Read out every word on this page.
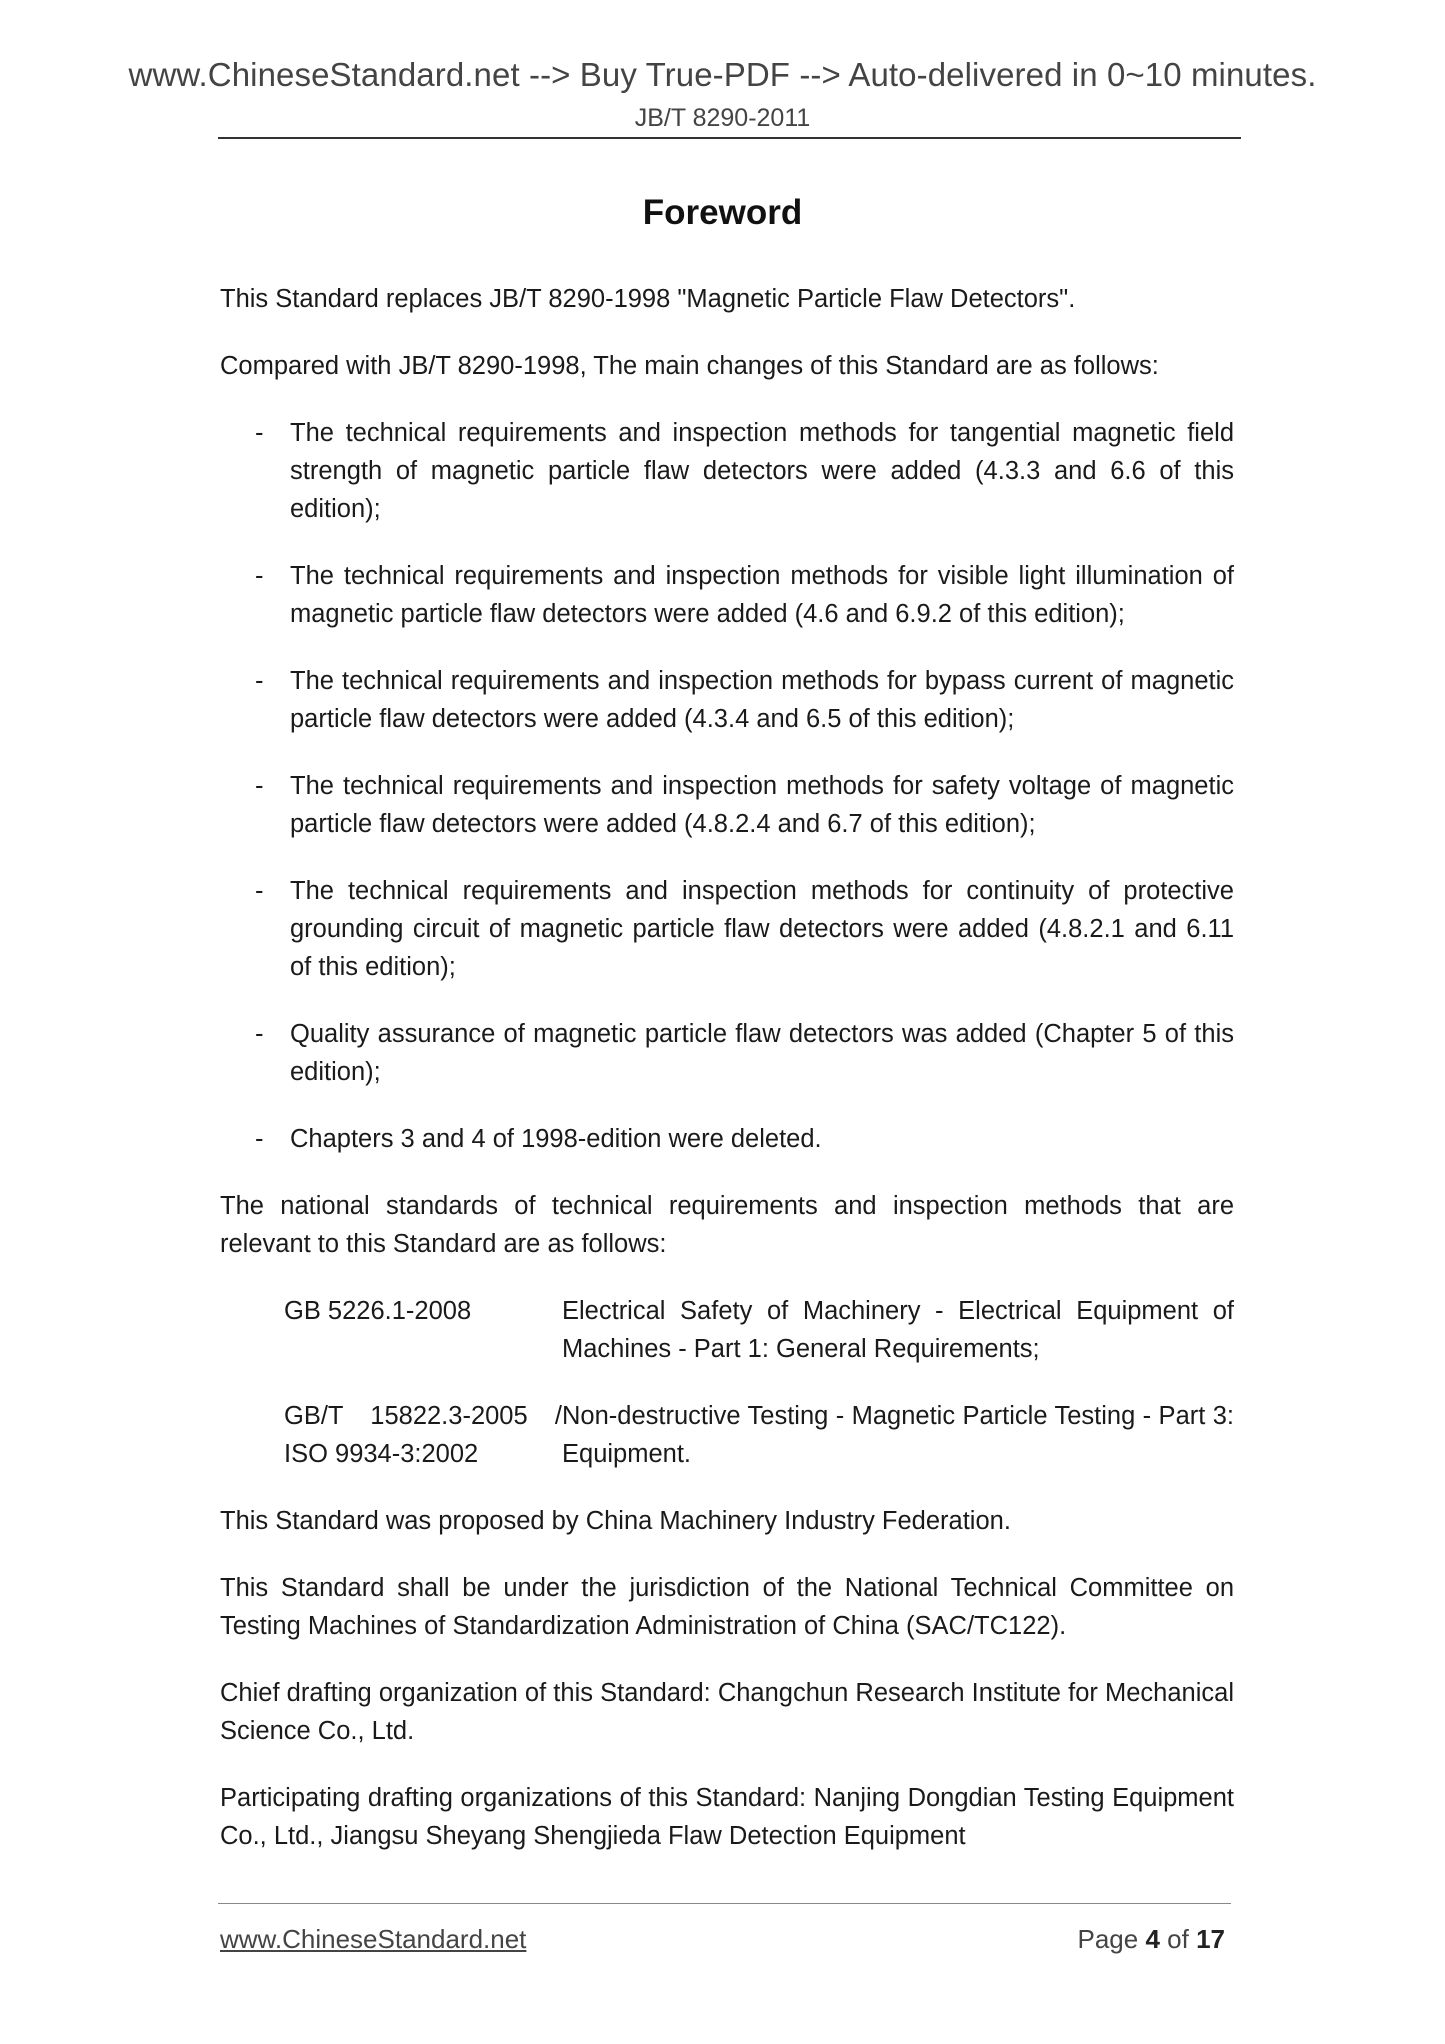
www.ChineseStandard.net --> Buy True-PDF --> Auto-delivered in 0~10 minutes.
JB/T 8290-2011
Foreword

This Standard replaces JB/T 8290-1998 "Magnetic Particle Flaw Detectors".

Compared with JB/T 8290-1998, The main changes of this Standard are as follows:

- The technical requirements and inspection methods for tangential magnetic field strength of magnetic particle flaw detectors were added (4.3.3 and 6.6 of this edition);
- The technical requirements and inspection methods for visible light illumination of magnetic particle flaw detectors were added (4.6 and 6.9.2 of this edition);
- The technical requirements and inspection methods for bypass current of magnetic particle flaw detectors were added (4.3.4 and 6.5 of this edition);
- The technical requirements and inspection methods for safety voltage of magnetic particle flaw detectors were added (4.8.2.4 and 6.7 of this edition);
- The technical requirements and inspection methods for continuity of protective grounding circuit of magnetic particle flaw detectors were added (4.8.2.1 and 6.11 of this edition);
- Quality assurance of magnetic particle flaw detectors was added (Chapter 5 of this edition);
- Chapters 3 and 4 of 1998-edition were deleted.

The national standards of technical requirements and inspection methods that are relevant to this Standard are as follows:

GB 5226.1-2008	Electrical Safety of Machinery - Electrical Equipment of Machines - Part 1: General Requirements;

GB/T 15822.3-2005 / ISO 9934-3:2002	Non-destructive Testing - Magnetic Particle Testing - Part 3: Equipment.

This Standard was proposed by China Machinery Industry Federation.

This Standard shall be under the jurisdiction of the National Technical Committee on Testing Machines of Standardization Administration of China (SAC/TC122).

Chief drafting organization of this Standard: Changchun Research Institute for Mechanical Science Co., Ltd.

Participating drafting organizations of this Standard: Nanjing Dongdian Testing Equipment Co., Ltd., Jiangsu Sheyang Shengjieda Flaw Detection Equipment

www.ChineseStandard.net	Page 4 of 17
